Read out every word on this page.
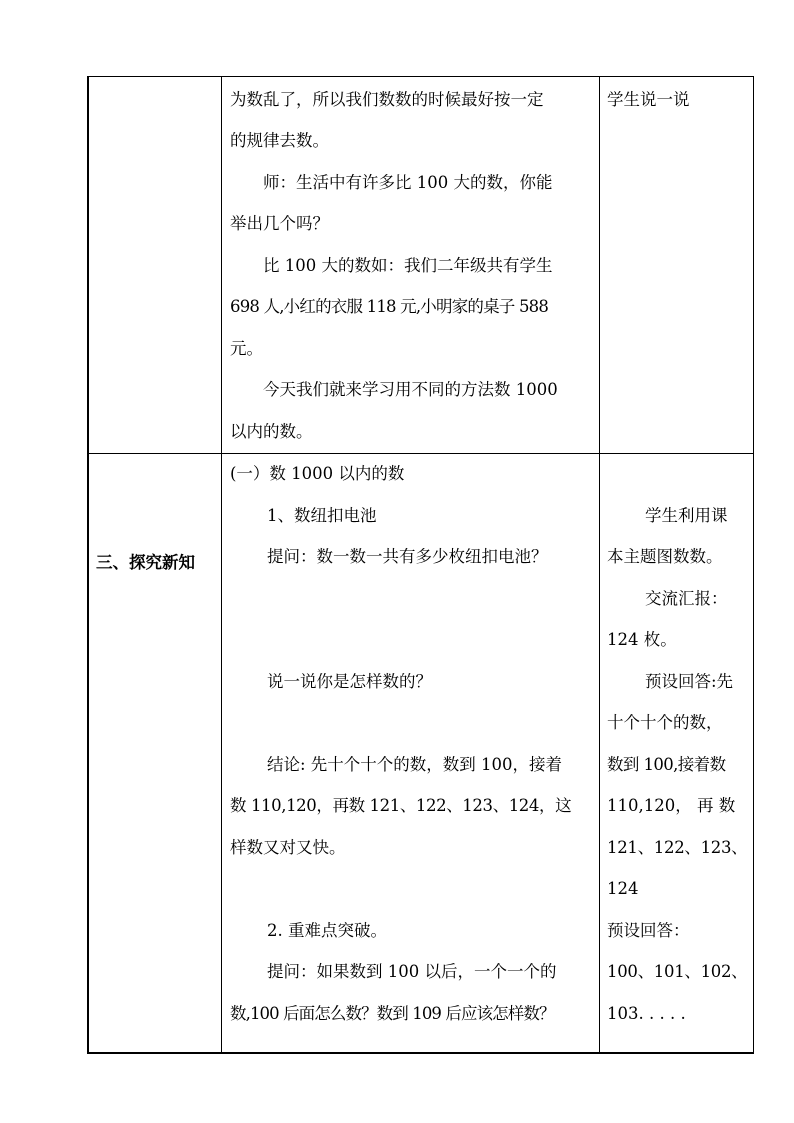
为数乱了，所以我们数数的时候最好按一定
的规律去数。
师：生活中有许多比 100 大的数，你能
举出几个吗？
比 100 大的数如：我们二年级共有学生
698 人,小红的衣服 118 元,小明家的桌子 588
元。
今天我们就来学习用不同的方法数 1000
以内的数。
学生说一说
三、探究新知
(一）数 1000 以内的数
1、数纽扣电池
提问：数一数一共有多少枚纽扣电池？
说一说你是怎样数的？
结论: 先十个十个的数，数到 100，接着
数 110,120，再数 121、122、123、124，这
样数又对又快。
2. 重难点突破。
提问：如果数到 100 以后，一个一个的
数,100 后面怎么数？数到 109 后应该怎样数？
学生利用课
本主题图数数。
交流汇报：
124 枚。
预设回答:先
十个十个的数，
数到 100,接着数
110,120， 再 数
121、122、123、
124
预设回答：
100、101、102、
103. . . . .
